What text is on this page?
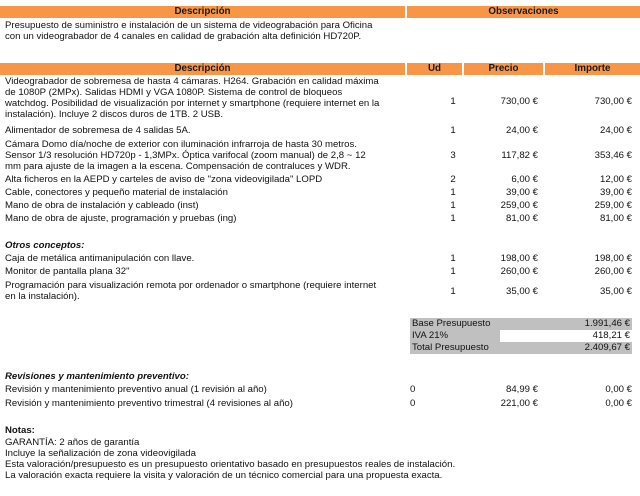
Descripción	Observaciones
Presupuesto de suministro e instalación de un sistema de videograbación para Oficina
con un videograbador de 4 canales en calidad de grabación alta definición HD720P.
Descripción	Ud	Precio	Importe
Videograbador de sobremesa de hasta 4 cámaras. H264. Grabación en calidad máxima
de 1080P (2MPx). Salidas HDMI y VGA 1080P. Sistema de control de bloqueos
watchdog. Posibilidad de visualización por internet y smartphone (requiere internet en la
instalación). Incluye 2 discos duros de 1TB. 2 USB.
1	730,00 €	730,00 €
Alimentador de sobremesa de 4 salidas 5A.	1	24,00 €	24,00 €
Cámara Domo día/noche de exterior con iluminación infrarroja de hasta 30 metros.
Sensor 1/3 resolución HD720p - 1,3MPx. Óptica varifocal (zoom manual) de 2,8 ~ 12
mm para ajuste de la imagen a la escena. Compensación de contraluces y WDR.
3	117,82 €	353,46 €
Alta ficheros en la AEPD y carteles de aviso de "zona videovigilada" LOPD	2	6,00 €	12,00 €
Cable, conectores y pequeño material de instalación	1	39,00 €	39,00 €
Mano de obra de instalación y cableado (inst)	1	259,00 €	259,00 €
Mano de obra de ajuste, programación y pruebas (ing)	1	81,00 €	81,00 €
Otros conceptos:
Caja de metálica antimanipulación con llave.	1	198,00 €	198,00 €
Monitor de pantalla plana 32"	1	260,00 €	260,00 €
Programación para visualización remota por ordenador o smartphone (requiere internet
en la instalación).	1	35,00 €	35,00 €
Base Presupuesto	1.991,46 €
IVA 21%	418,21 €
Total Presupuesto	2.409,67 €
Revisiones y mantenimiento preventivo:
Revisión y mantenimiento preventivo anual (1 revisión al año)	0	84,99 €	0,00 €
Revisión y mantenimiento preventivo trimestral (4 revisiones al año)	0	221,00 €	0,00 €
Notas:
GARANTÍA: 2 años de garantía
Incluye la señalización de zona videovigilada
Esta valoración/presupuesto es un presupuesto orientativo basado en presupuestos reales de instalación.
La valoración exacta requiere la visita y valoración de un técnico comercial para una propuesta exacta.
